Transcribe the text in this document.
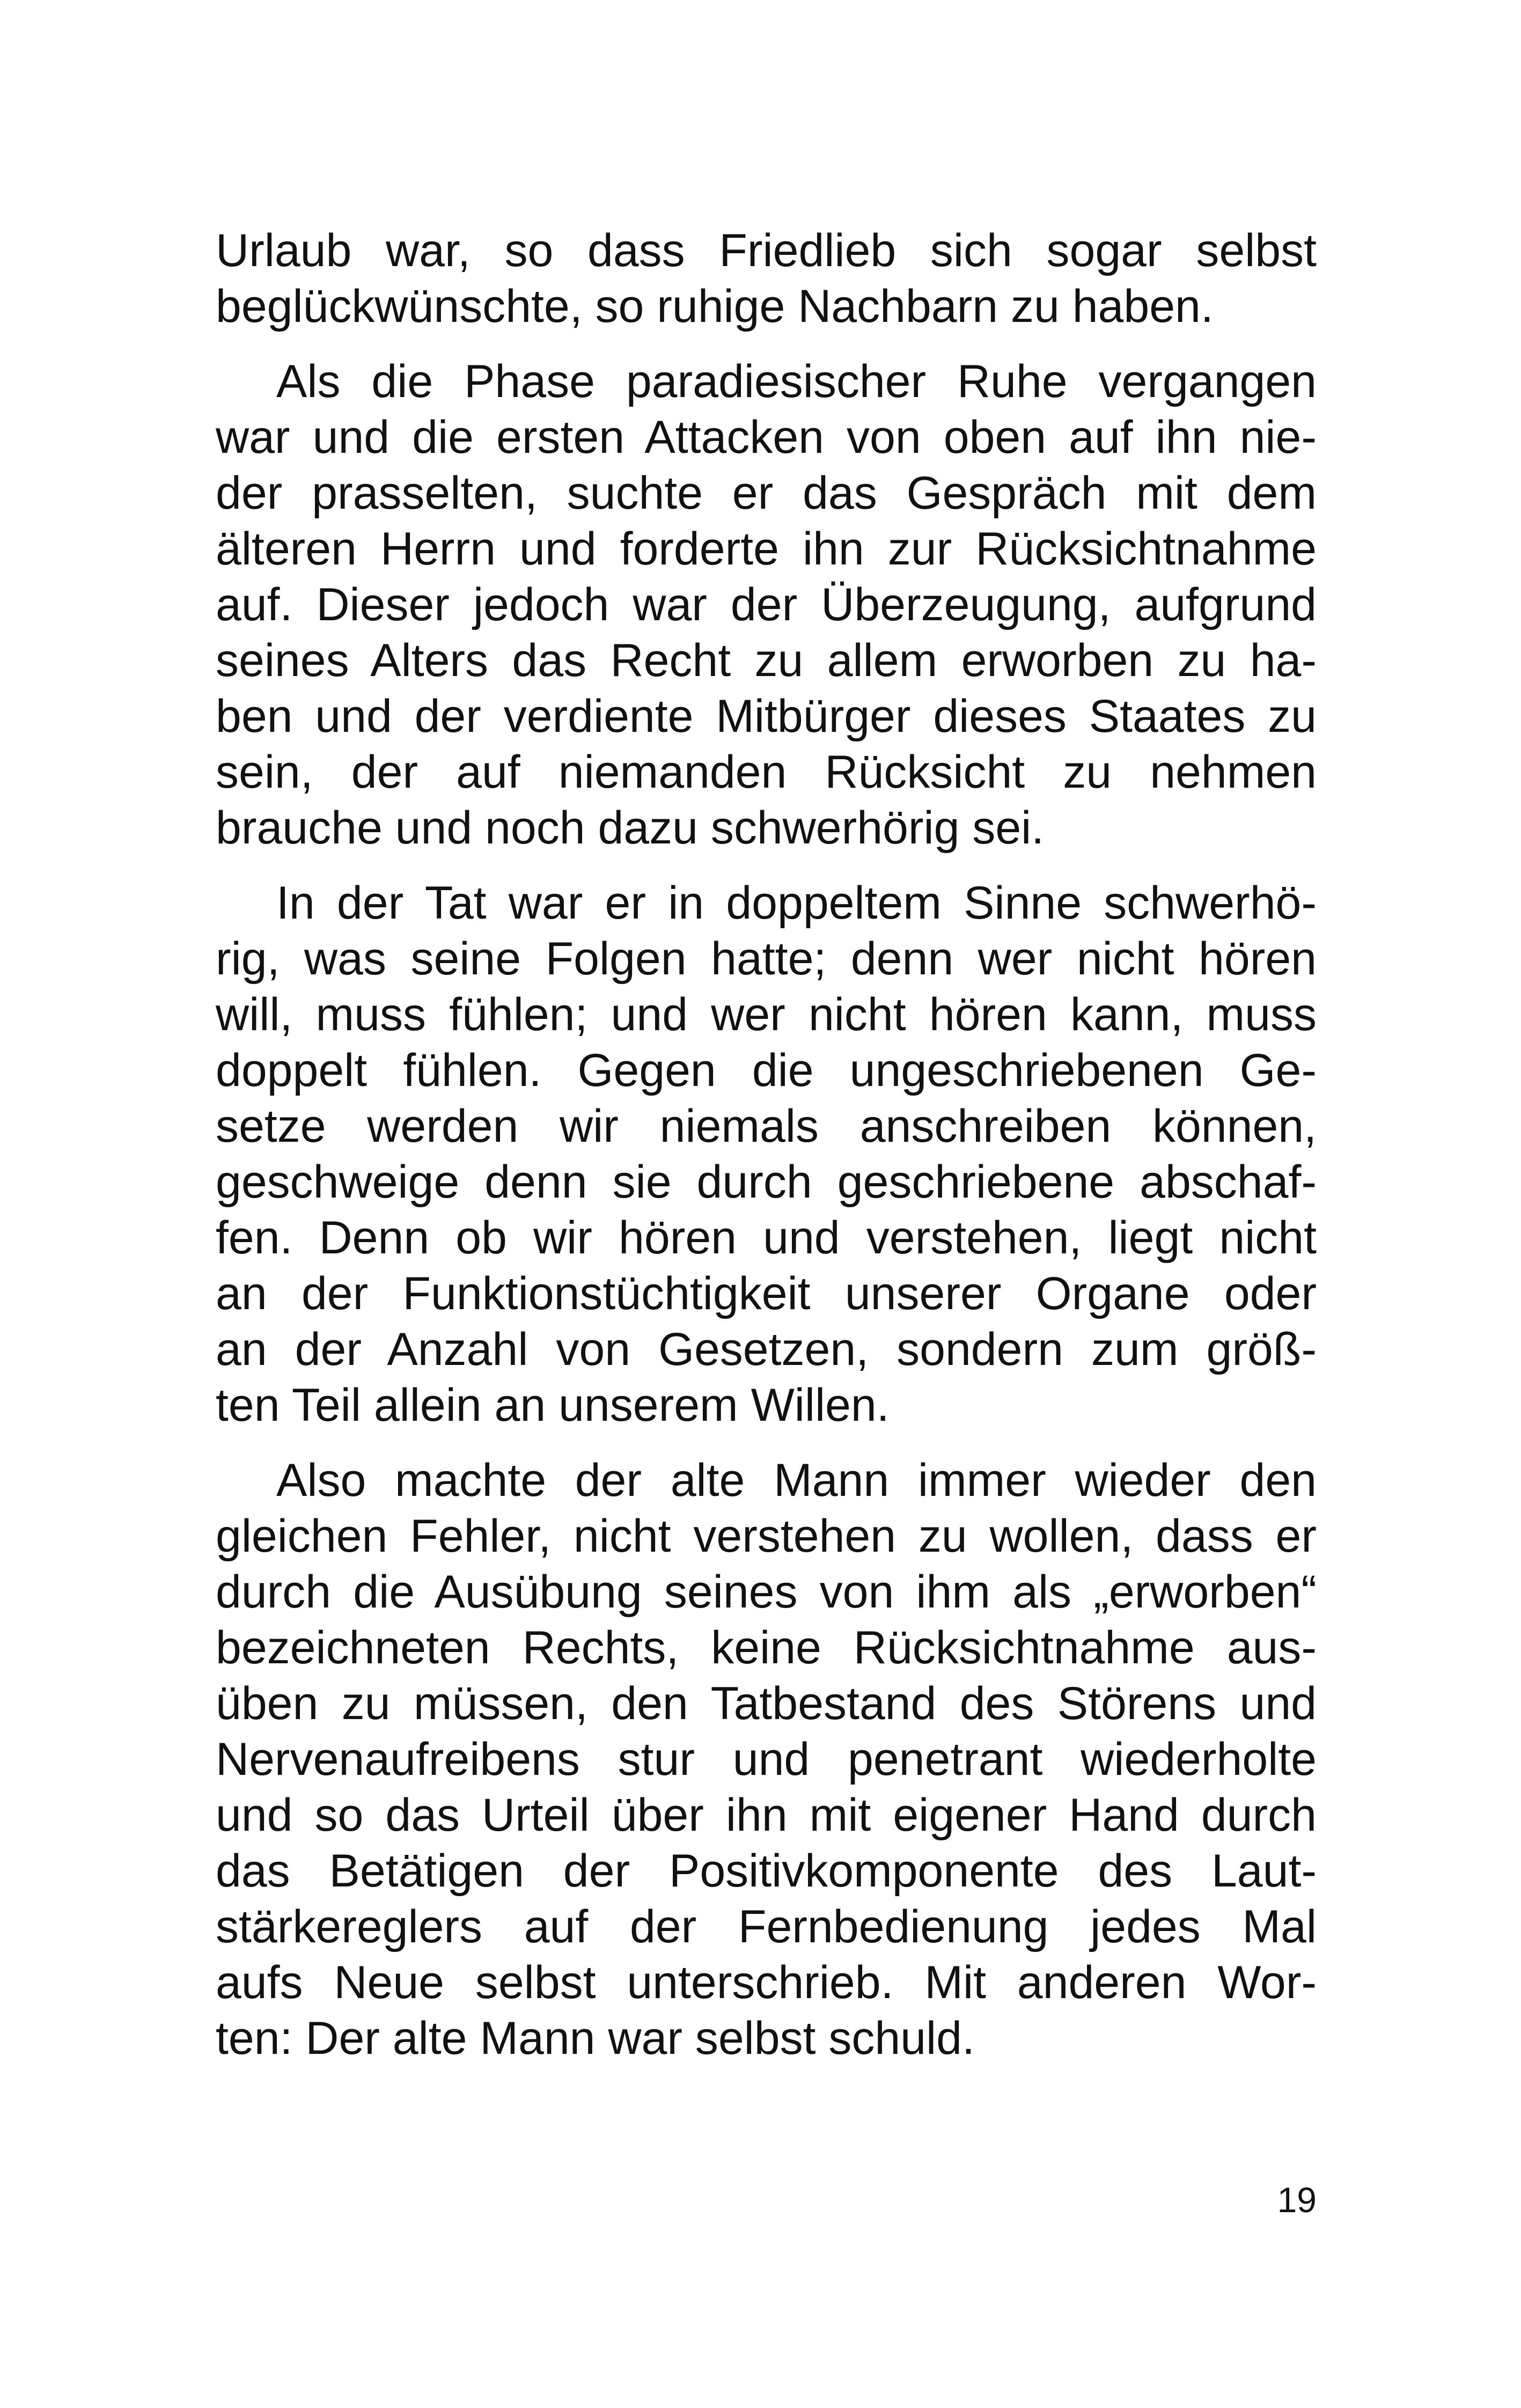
Urlaub war, so dass Friedlieb sich sogar selbst
beglückwünschte, so ruhige Nachbarn zu haben.
Als die Phase paradiesischer Ruhe vergangen
war und die ersten Attacken von oben auf ihn nie-
der prasselten, suchte er das Gespräch mit dem
älteren Herrn und forderte ihn zur Rücksichtnahme
auf. Dieser jedoch war der Überzeugung, aufgrund
seines Alters das Recht zu allem erworben zu ha-
ben und der verdiente Mitbürger dieses Staates zu
sein, der auf niemanden Rücksicht zu nehmen
brauche und noch dazu schwerhörig sei.
In der Tat war er in doppeltem Sinne schwerhö-
rig, was seine Folgen hatte; denn wer nicht hören
will, muss fühlen; und wer nicht hören kann, muss
doppelt fühlen. Gegen die ungeschriebenen Ge-
setze werden wir niemals anschreiben können,
geschweige denn sie durch geschriebene abschaf-
fen. Denn ob wir hören und verstehen, liegt nicht
an der Funktionstüchtigkeit unserer Organe oder
an der Anzahl von Gesetzen, sondern zum größ-
ten Teil allein an unserem Willen.
Also machte der alte Mann immer wieder den
gleichen Fehler, nicht verstehen zu wollen, dass er
durch die Ausübung seines von ihm als „erworben“
bezeichneten Rechts, keine Rücksichtnahme aus-
üben zu müssen, den Tatbestand des Störens und
Nervenaufreibens stur und penetrant wiederholte
und so das Urteil über ihn mit eigener Hand durch
das Betätigen der Positivkomponente des Laut-
stärkereglers auf der Fernbedienung jedes Mal
aufs Neue selbst unterschrieb. Mit anderen Wor-
ten: Der alte Mann war selbst schuld.
19
